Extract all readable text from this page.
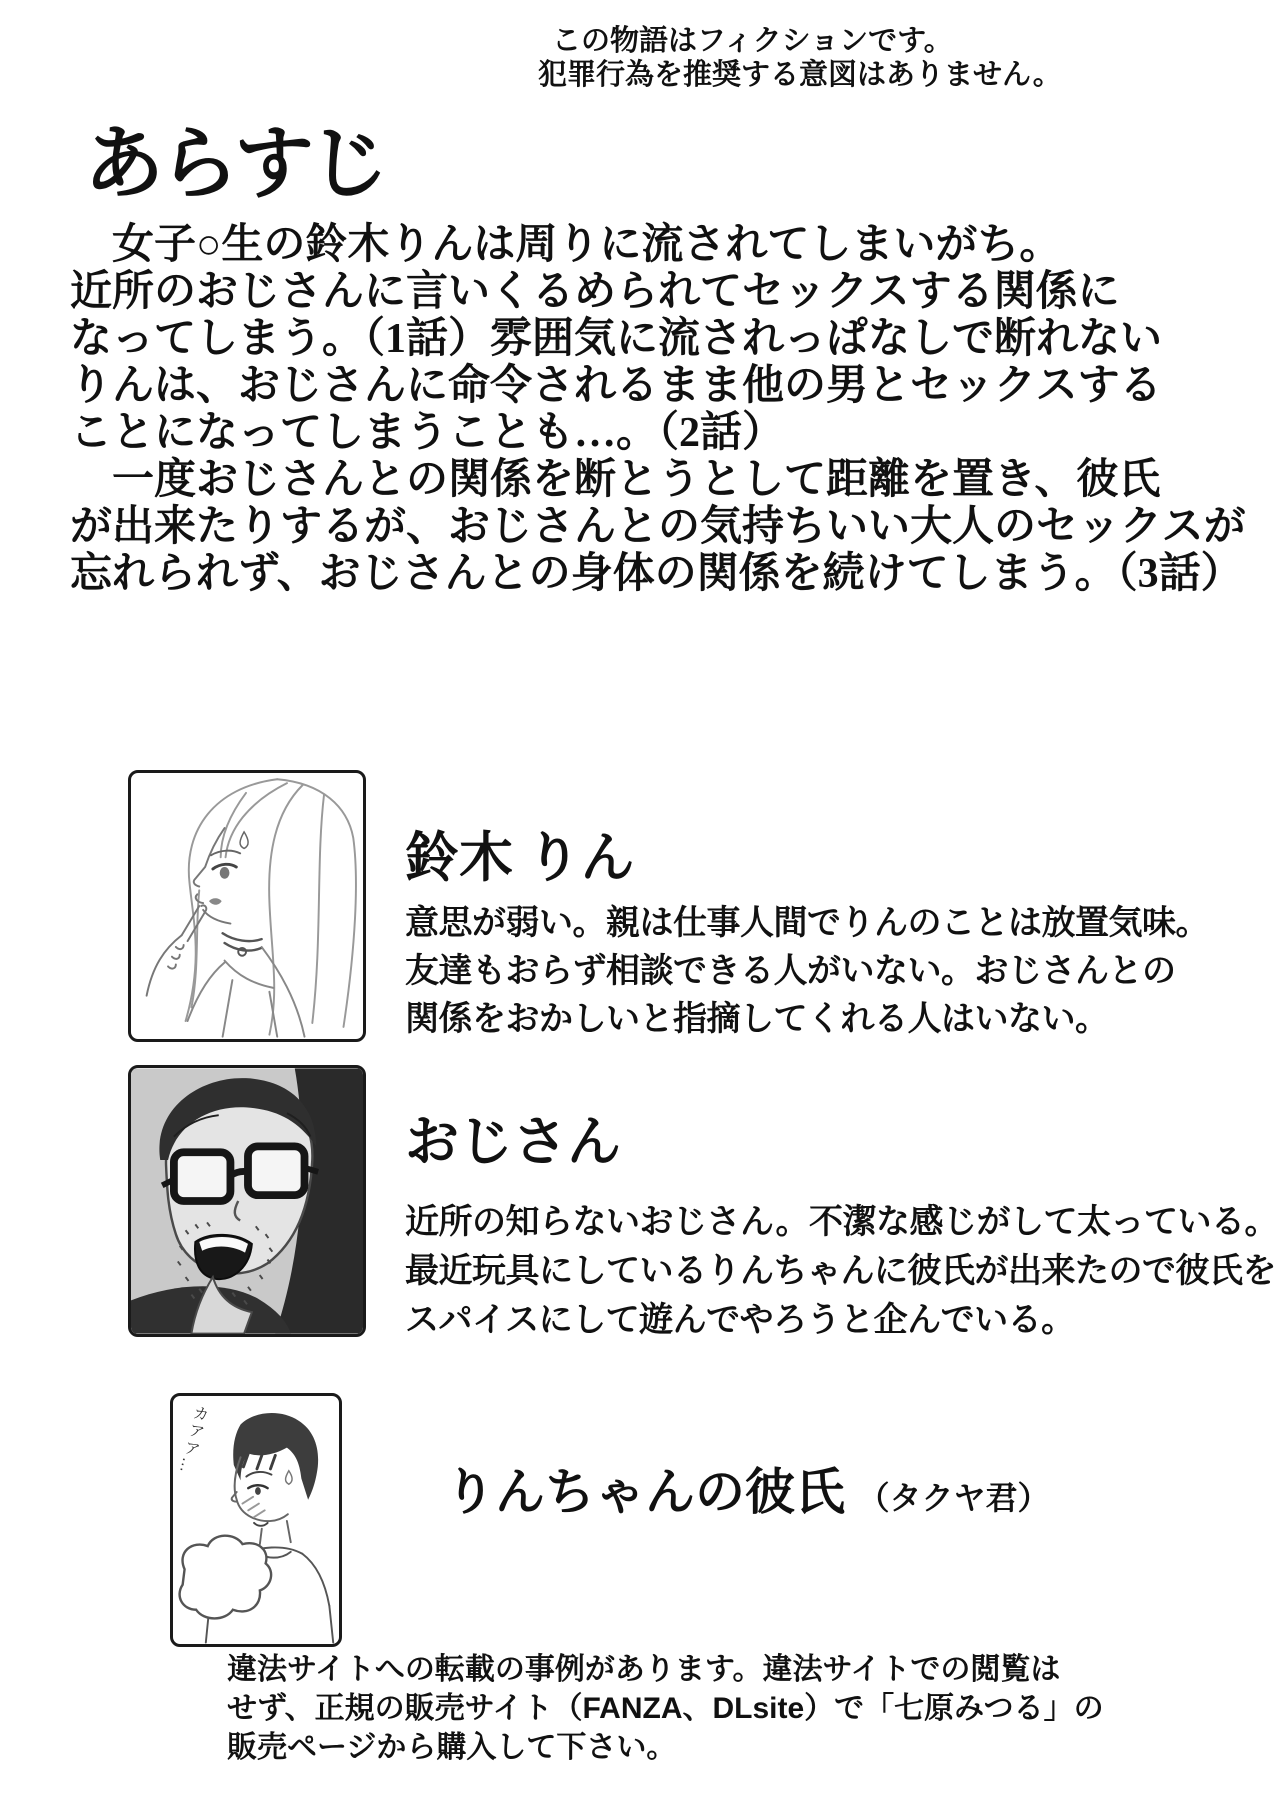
この物語はフィクションです。
犯罪行為を推奨する意図はありません。
あらすじ
　女子○生の鈴木りんは周りに流されてしまいがち。
近所のおじさんに言いくるめられてセックスする関係に
なってしまう。（1話）雰囲気に流されっぱなしで断れない
りんは、おじさんに命令されるまま他の男とセックスする
ことになってしまうことも…。（2話）
　一度おじさんとの関係を断とうとして距離を置き、彼氏
が出来たりするが、おじさんとの気持ちいい大人のセックスが
忘れられず、おじさんとの身体の関係を続けてしまう。（3話）
鈴木 りん
意思が弱い。親は仕事人間でりんのことは放置気味。
友達もおらず相談できる人がいない。おじさんとの
関係をおかしいと指摘してくれる人はいない。
おじさん
近所の知らないおじさん。不潔な感じがして太っている。
最近玩具にしているりんちゃんに彼氏が出来たので彼氏を
スパイスにして遊んでやろうと企んでいる。
カアア…
りんちゃんの彼氏 （タクヤ君）
違法サイトへの転載の事例があります。違法サイトでの閲覧は
せず、正規の販売サイト（FANZA、DLsite）で「七原みつる」の
販売ページから購入して下さい。
